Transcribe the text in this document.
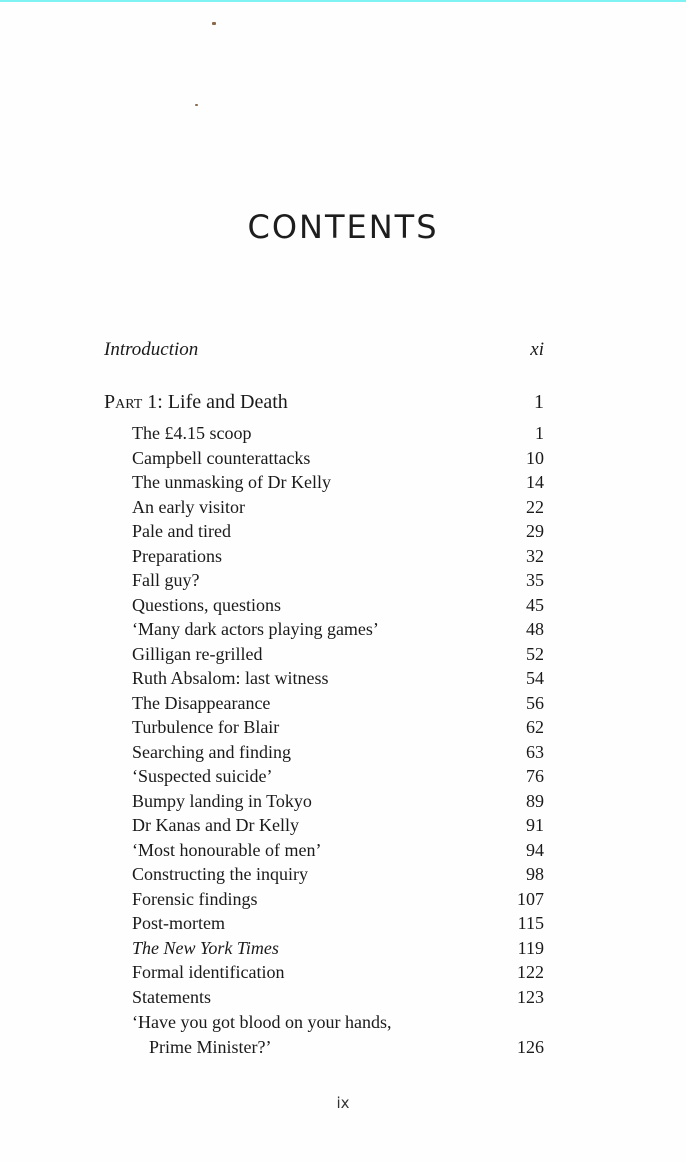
CONTENTS
Introduction	xi
Part 1: Life and Death	1
The £4.15 scoop	1
Campbell counterattacks	10
The unmasking of Dr Kelly	14
An early visitor	22
Pale and tired	29
Preparations	32
Fall guy?	35
Questions, questions	45
‘Many dark actors playing games’	48
Gilligan re-grilled	52
Ruth Absalom: last witness	54
The Disappearance	56
Turbulence for Blair	62
Searching and finding	63
‘Suspected suicide’	76
Bumpy landing in Tokyo	89
Dr Kanas and Dr Kelly	91
‘Most honourable of men’	94
Constructing the inquiry	98
Forensic findings	107
Post-mortem	115
The New York Times	119
Formal identification	122
Statements	123
‘Have you got blood on your hands,
Prime Minister?’	126
ix
